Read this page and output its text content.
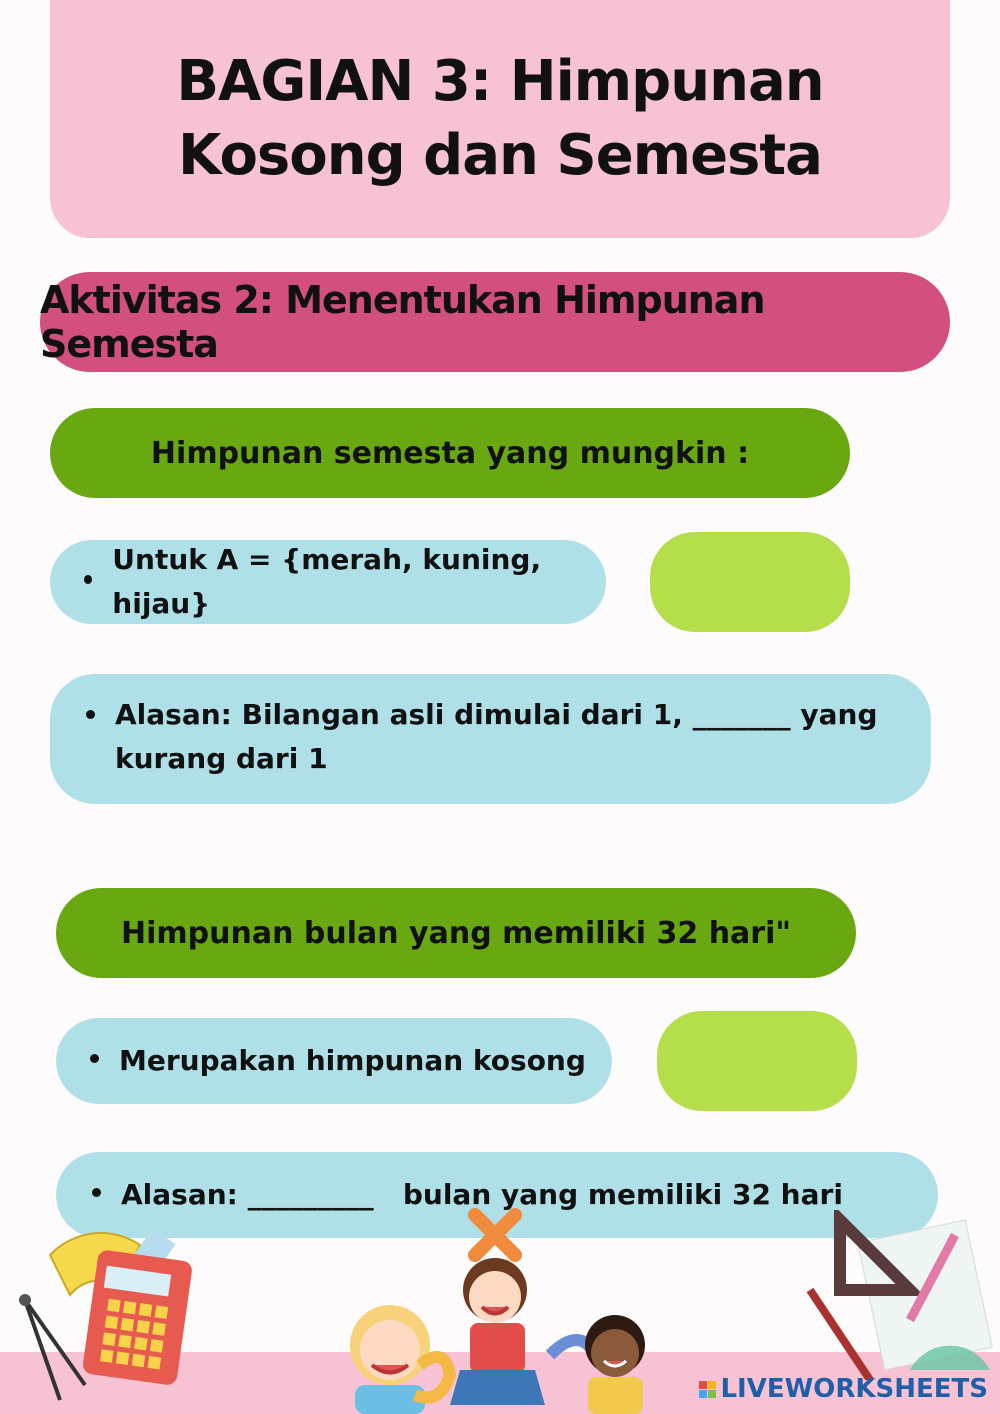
BAGIAN 3: Himpunan
Kosong dan Semesta
Aktivitas 2: Menentukan Himpunan Semesta
Himpunan semesta yang mungkin :
Untuk A = {merah, kuning, hijau}
Alasan: Bilangan asli dimulai dari 1, _______ yang
kurang dari 1
Himpunan bulan yang memiliki 32 hari"
Merupakan himpunan kosong
Alasan: _________   bulan yang memiliki 32 hari
LIVEWORKSHEETS
